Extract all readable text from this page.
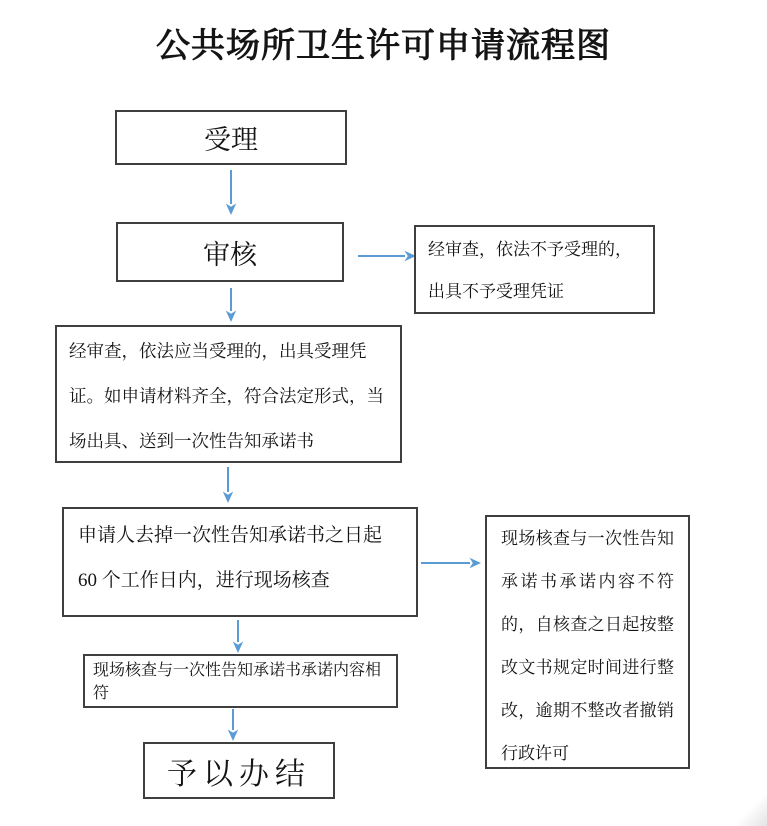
公共场所卫生许可申请流程图
受理
审核	经审查，依法不予受理的，出具不予受理凭证
经审查，依法应当受理的，出具受理凭证。如申请材料齐全，符合法定形式，当场出具、送到一次性告知承诺书
申请人去掉一次性告知承诺书之日起 60 个工作日内，进行现场核查
现场核查与一次性告知承诺书承诺内容不符的，自核查之日起按整改文书规定时间进行整改，逾期不整改者撤销行政许可
现场核查与一次性告知承诺书承诺内容相符
予以办结
